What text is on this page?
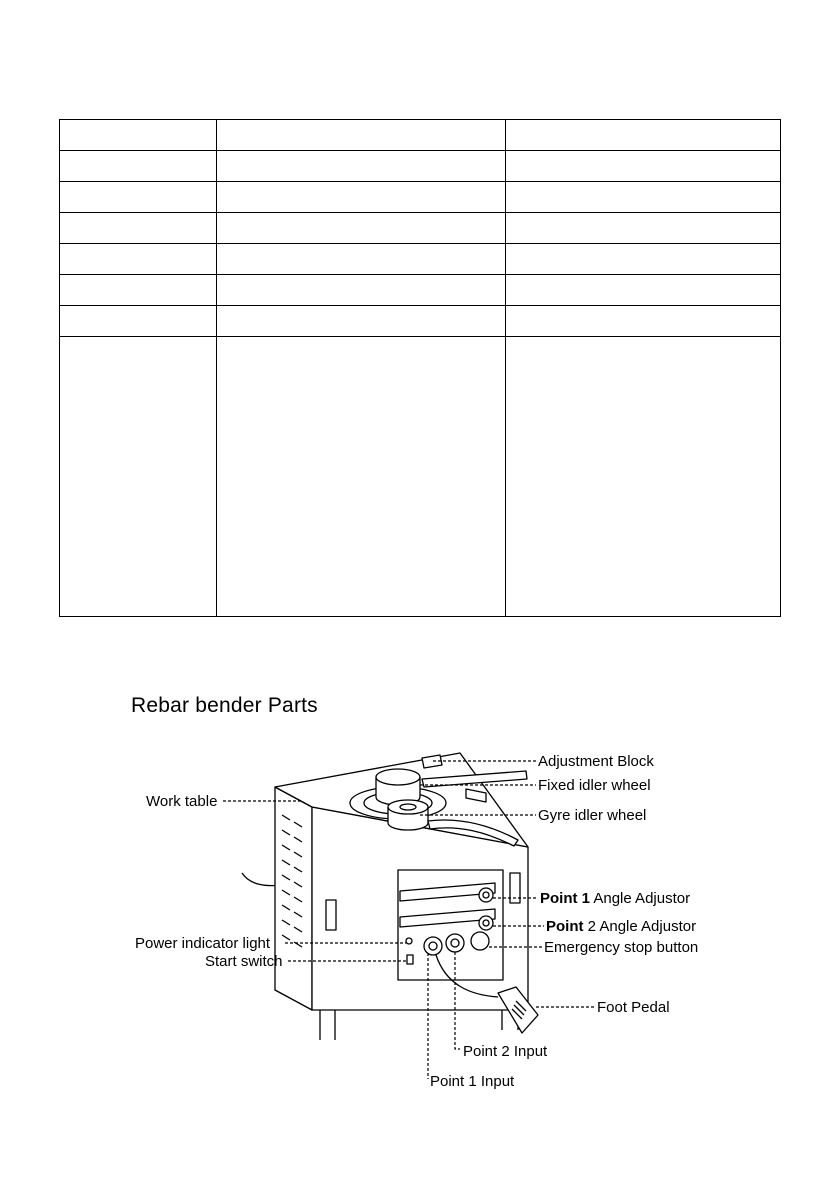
Rebar bender Parts
Adjustment Block
Fixed idler wheel
Gyre idler wheel
Work table
Point 1 Angle Adjustor
Point 2 Angle Adjustor
Power indicator light
Start switch
Emergency stop button
Foot Pedal
Point 2 Input
Point 1 Input
